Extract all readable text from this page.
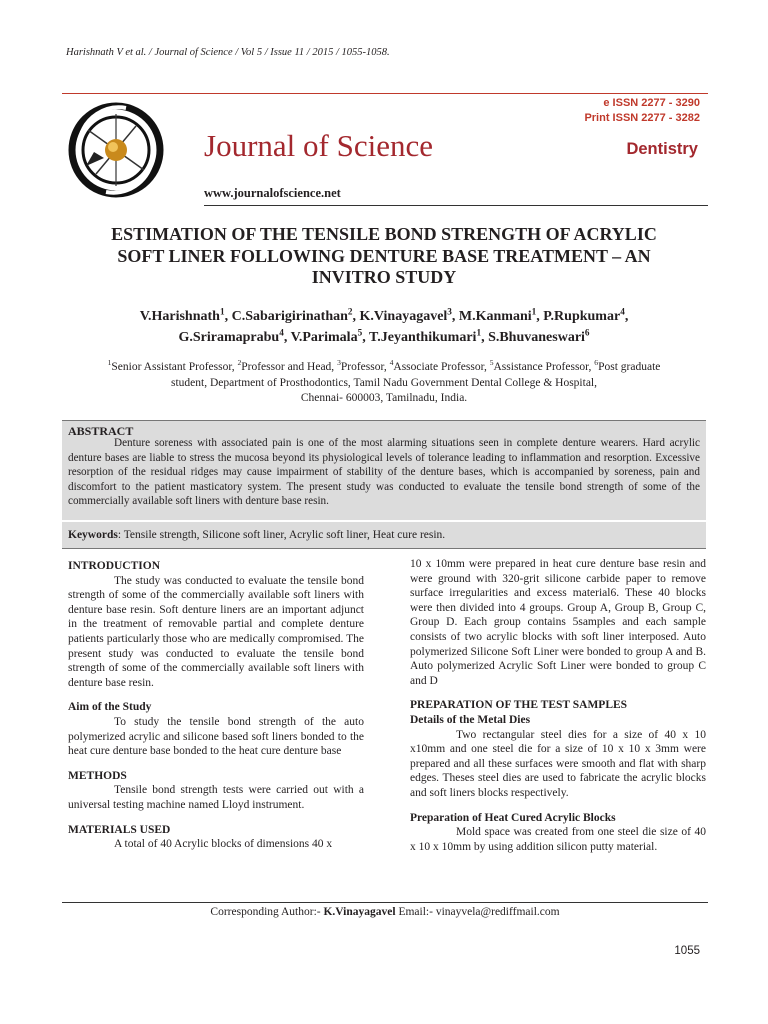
Harishnath V et al. / Journal of Science / Vol 5 / Issue 11 / 2015 / 1055-1058.
Journal of Science
e ISSN 2277 - 3290
Print ISSN 2277 - 3282
Dentistry
www.journalofscience.net
ESTIMATION OF THE TENSILE BOND STRENGTH OF ACRYLIC
SOFT LINER FOLLOWING DENTURE BASE TREATMENT – AN
INVITRO STUDY
V.Harishnath$^1$, C.Sabarigirinathan$^2$, K.Vinayagavel$^3$, M.Kanmani$^1$, P.Rupkumar$^4$,
G.Sriramaprabu$^4$, V.Parimala$^5$, T.Jeyanthikumari$^1$, S.Bhuvaneswari$^6$
$^1$Senior Assistant Professor, $^2$Professor and Head, $^3$Professor, $^4$Associate Professor, $^5$Assistance Professor, $^6$Post graduate
student, Department of Prosthodontics, Tamil Nadu Government Dental College & Hospital,
Chennai- 600003, Tamilnadu, India.
ABSTRACT
Denture soreness with associated pain is one of the most alarming situations seen in complete denture wearers. Hard acrylic denture bases are liable to stress the mucosa beyond its physiological levels of tolerance leading to inflammation and resorption. Excessive resorption of the residual ridges may cause impairment of stability of the denture bases, which is accompanied by soreness, pain and discomfort to the patient masticatory system. The present study was conducted to evaluate the tensile bond strength of some of the commercially available soft liners with denture base resin.
Keywords: Tensile strength, Silicone soft liner, Acrylic soft liner, Heat cure resin.
INTRODUCTION

The study was conducted to evaluate the tensile bond strength of some of the commercially available soft liners with denture base resin. Soft denture liners are an important adjunct in the treatment of removable partial and complete denture patients particularly those who are medically compromised. The present study was conducted to evaluate the tensile bond strength of some of the commercially available soft liners with denture base resin.

Aim of the Study

To study the tensile bond strength of the auto polymerized acrylic and silicone based soft liners bonded to the heat cure denture base bonded to the heat cure denture base

METHODS

Tensile bond strength tests were carried out with a universal testing machine named Lloyd instrument.

MATERIALS USED

A total of 40 Acrylic blocks of dimensions 40 x

10 x 10mm were prepared in heat cure denture base resin and were ground with 320-grit silicone carbide paper to remove surface irregularities and excess material6. These 40 blocks were then divided into 4 groups. Group A, Group B, Group C, Group D. Each group contains 5samples and each sample consists of two acrylic blocks with soft liner interposed. Auto polymerized Silicone Soft Liner were bonded to group A and B. Auto polymerized Acrylic Soft Liner were bonded to group C and D

PREPARATION OF THE TEST SAMPLES
Details of the Metal Dies

Two rectangular steel dies for a size of 40 x 10 x10mm and one steel die for a size of 10 x 10 x 3mm were prepared and all these surfaces were smooth and flat with sharp edges. Theses steel dies are used to fabricate the acrylic blocks and soft liners blocks respectively.

Preparation of Heat Cured Acrylic Blocks

Mold space was created from one steel die size of 40 x 10 x 10mm by using addition silicon putty material.

Corresponding Author:- K.Vinayagavel Email:- vinayvela@rediffmail.com
1055
